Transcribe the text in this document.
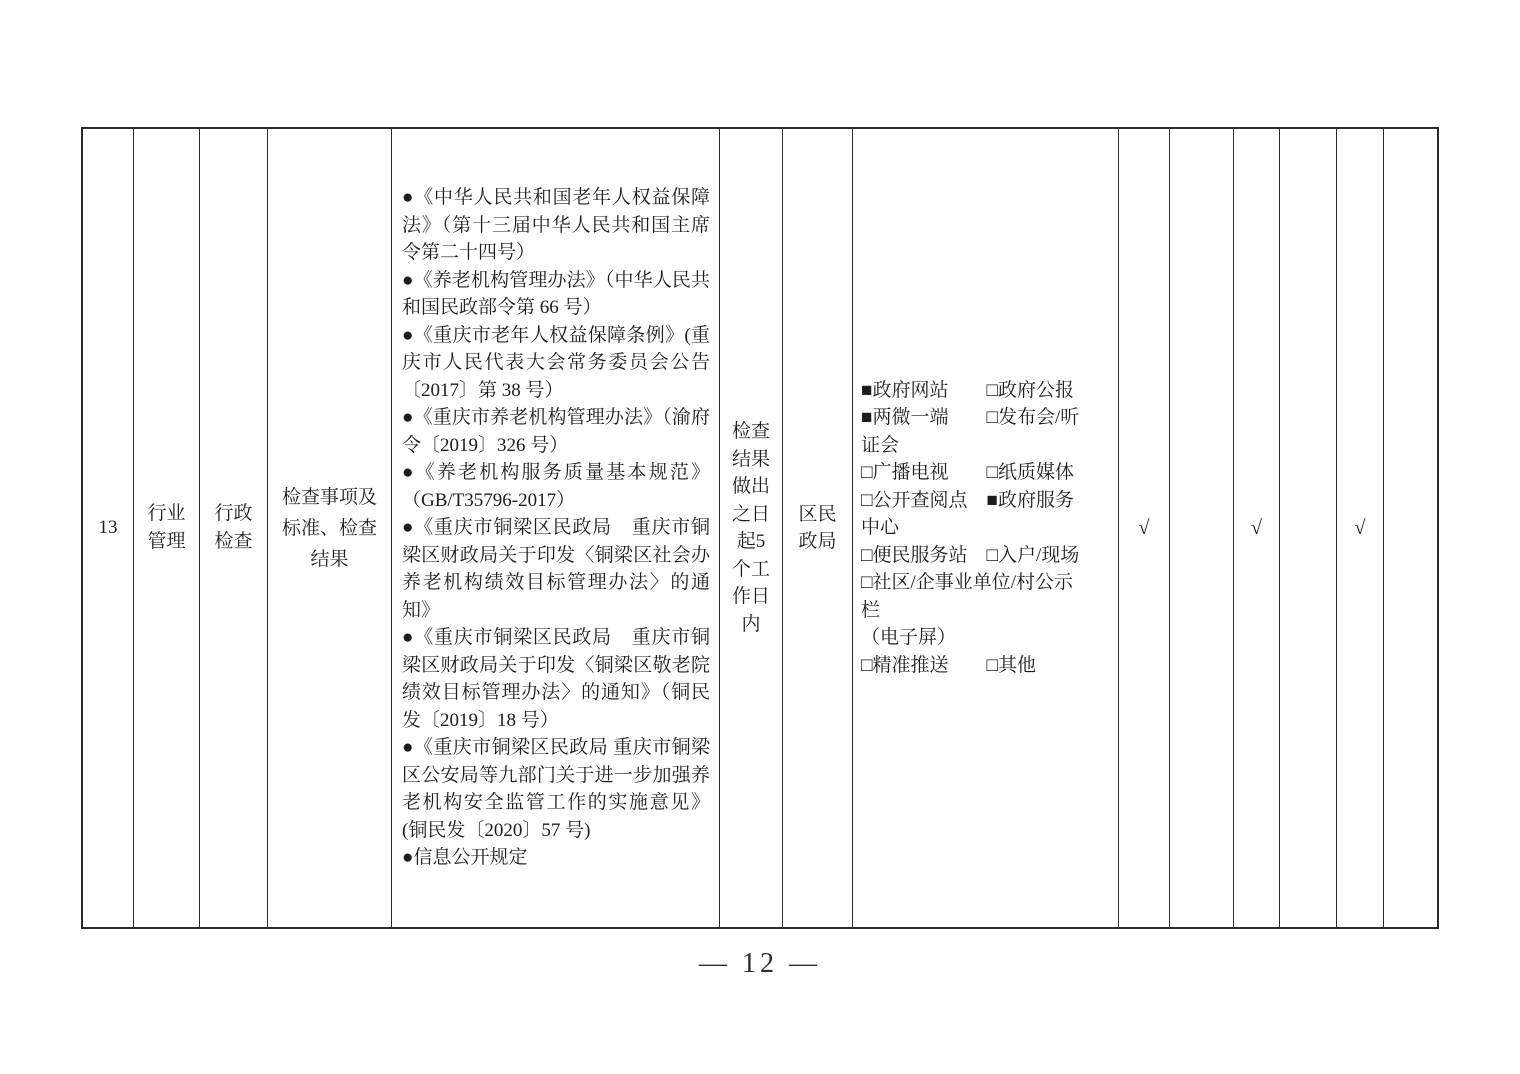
13
行业管理
行政检查
检查事项及标准、检查结果
●《中华人民共和国老年人权益保障法》（第十三届中华人民共和国主席令第二十四号）
●《养老机构管理办法》（中华人民共和国民政部令第 66 号）
●《重庆市老年人权益保障条例》(重庆市人民代表大会常务委员会公告〔2017〕第 38 号）
●《重庆市养老机构管理办法》（渝府令〔2019〕326 号）
●《养老机构服务质量基本规范》（GB/T35796-2017）
●《重庆市铜梁区民政局　重庆市铜梁区财政局关于印发〈铜梁区社会办养老机构绩效目标管理办法〉的通知》
●《重庆市铜梁区民政局　重庆市铜梁区财政局关于印发〈铜梁区敬老院绩效目标管理办法〉的通知》（铜民发〔2019〕18 号）
●《重庆市铜梁区民政局 重庆市铜梁区公安局等九部门关于进一步加强养老机构安全监管工作的实施意见》(铜民发〔2020〕57 号)
●信息公开规定
检查结果做出之日起5个工作日内
区民政局
■政府网站　　□政府公报
■两微一端　　□发布会/听
证会
□广播电视　　□纸质媒体
□公开查阅点　■政府服务
中心
□便民服务站　□入户/现场
□社区/企事业单位/村公示
栏
（电子屏）
□精准推送　　□其他
√	√	√
— 12 —
